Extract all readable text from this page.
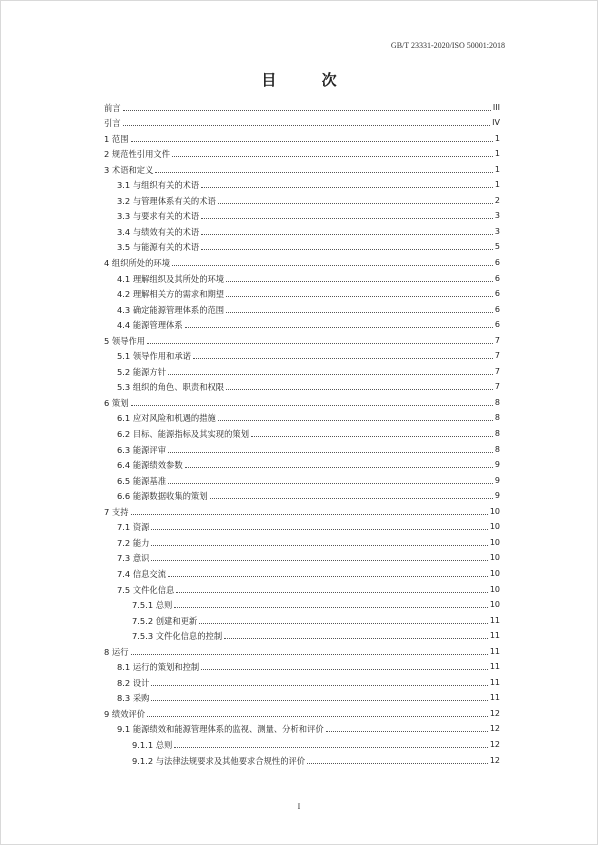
GB/T 23331-2020/ISO 50001:2018
目 次
前言	III
引言	IV
1 范围	1
2 规范性引用文件	1
3 术语和定义	1
3.1 与组织有关的术语	1
3.2 与管理体系有关的术语	2
3.3 与要求有关的术语	3
3.4 与绩效有关的术语	3
3.5 与能源有关的术语	5
4 组织所处的环境	6
4.1 理解组织及其所处的环境	6
4.2 理解相关方的需求和期望	6
4.3 确定能源管理体系的范围	6
4.4 能源管理体系	6
5 领导作用	7
5.1 领导作用和承诺	7
5.2 能源方针	7
5.3 组织的角色、职责和权限	7
6 策划	8
6.1 应对风险和机遇的措施	8
6.2 目标、能源指标及其实现的策划	8
6.3 能源评审	8
6.4 能源绩效参数	9
6.5 能源基准	9
6.6 能源数据收集的策划	9
7 支持	10
7.1 资源	10
7.2 能力	10
7.3 意识	10
7.4 信息交流	10
7.5 文件化信息	10
7.5.1 总则	10
7.5.2 创建和更新	11
7.5.3 文件化信息的控制	11
8 运行	11
8.1 运行的策划和控制	11
8.2 设计	11
8.3 采购	11
9 绩效评价	12
9.1 能源绩效和能源管理体系的监视、测量、分析和评价	12
9.1.1 总则	12
9.1.2 与法律法规要求及其他要求合规性的评价	12
I
